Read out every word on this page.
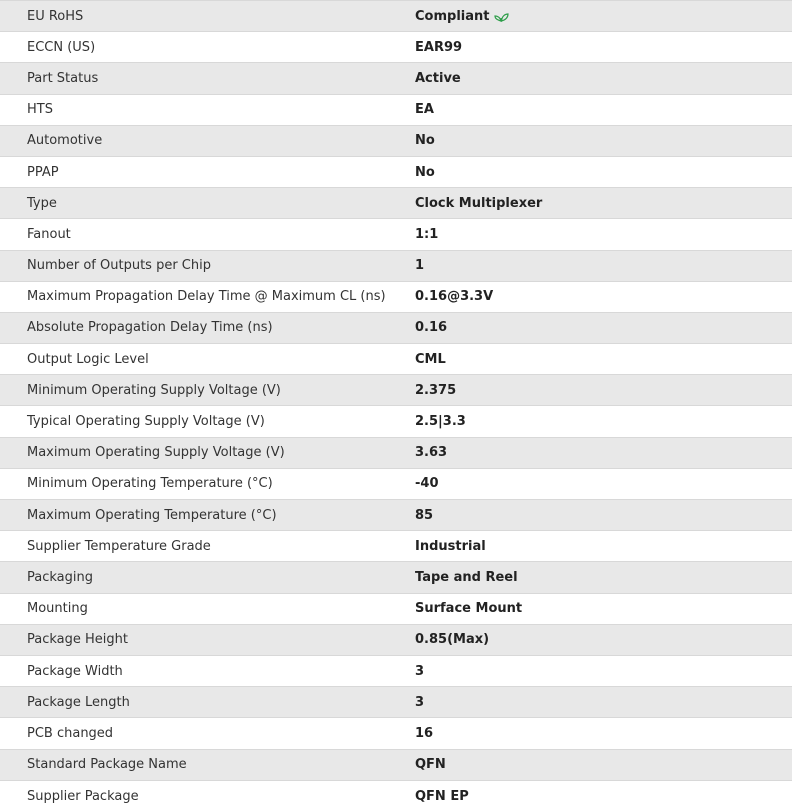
EU RoHS	Compliant
ECCN (US)	EAR99
Part Status	Active
HTS	EA
Automotive	No
PPAP	No
Type	Clock Multiplexer
Fanout	1:1
Number of Outputs per Chip	1
Maximum Propagation Delay Time @ Maximum CL (ns)	0.16@3.3V
Absolute Propagation Delay Time (ns)	0.16
Output Logic Level	CML
Minimum Operating Supply Voltage (V)	2.375
Typical Operating Supply Voltage (V)	2.5|3.3
Maximum Operating Supply Voltage (V)	3.63
Minimum Operating Temperature (°C)	-40
Maximum Operating Temperature (°C)	85
Supplier Temperature Grade	Industrial
Packaging	Tape and Reel
Mounting	Surface Mount
Package Height	0.85(Max)
Package Width	3
Package Length	3
PCB changed	16
Standard Package Name	QFN
Supplier Package	QFN EP
